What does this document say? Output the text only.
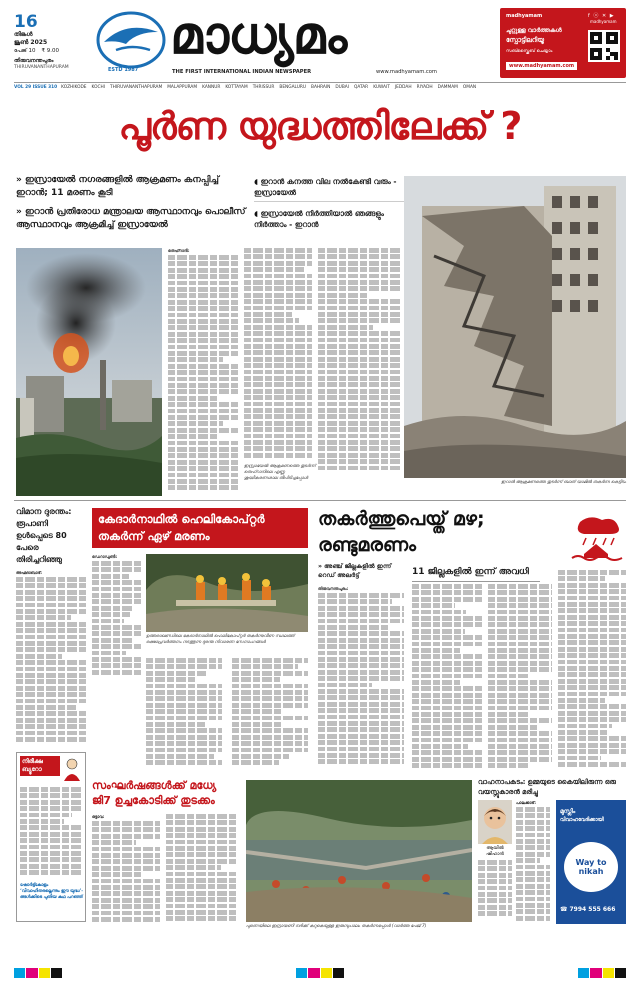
16
തിങ്കൾ
ജൂൺ 2025
പേജ് 10 ₹ 9.00
തിരുവനന്തപുരം
THIRUVANANTHAPURAM	ESTD 1987
മാധ്യമം
THE FIRST INTERNATIONAL INDIAN NEWSPAPER	www.madhyamam.com
madhyamam
ചുറ്റുള്ള വാർത്തകൾ
സ്പോട്ടിലറിയൂ
സബ്സ്ക്രൈബ് ചെയ്യാം
www.madhyamam.com
f ⓞ ✕ ▶
madhyamam
VOL 29 ISSUE 310 KOZHIKODE KOCHI THIRUVANANTHAPURAM MALAPPURAM KANNUR KOTTAYAM THRISSUR BENGALURU BAHRAIN DUBAI QATAR KUWAIT JEDDAH RIYADH DAMMAM OMAN
പൂർണ യുദ്ധത്തിലേക്ക് ?
» ഇസ്രായേൽ നഗരങ്ങളിൽ ആക്രമണം കനപ്പിച്ച് ഇറാൻ; 11 മരണം കൂടി
» ഇറാൻ പ്രതിരോധ മന്ത്രാലയ ആസ്ഥാനവും പൊലീസ് ആസ്ഥാനവും ആക്രമിച്ച് ഇസ്രായേൽ
◖ ഇറാൻ കനത്ത വില നൽകേണ്ടി വരും - ഇസ്രായേൽ
◖ ഇസ്രായേൽ നിർത്തിയാൽ ഞങ്ങളും നിർത്താം - ഇറാൻ
തെഹ്റാൻ:
ഇസ്രായേൽ ആക്രമണത്തെ തുടർന്ന് തെഹ്റാനിലെ എണ്ണ ശുദ്ധീകരണശാല തീപിടിച്ചപ്പോൾ
ഇറാൻ ആക്രമണത്തെ തുടർന്ന് ബാത് യാമിൽ തകർന്ന കെട്ടിടം
വിമാന ദുരന്തം: രൂപാണി ഉൾപ്പെടെ 80 പേരെ തിരിച്ചറിഞ്ഞു
അഹ്മദാബാദ്:
നിരീക്ഷ ബ്യൂറോ
ഷോർട്ട്കോളം ‘വിവാഹിതരല്ലെന്നും ഈ യുദ്ധ’-ങ്ങൾക്കിടെ പുതിയ കഥ പറഞ്ഞ്
കേദാർനാഥിൽ ഹെലികോപ്റ്റർ തകർന്ന് ഏഴ് മരണം
ഡെറാഡൂൺ:
ഉത്തരാഖണ്ഡിലെ കേദാർനാഥിൽ ഹെലികോപ്റ്റർ തകർന്നുവീണ സ്ഥലത്ത് രക്ഷാപ്രവർത്തനം നടത്തുന്ന ദുരന്ത നിവാരണ സേനാംഗങ്ങൾ
സംഘർഷങ്ങൾക്ക് മധ്യേ ജി7 ഉച്ചകോടിക്ക് തുടക്കം
ഒട്ടാവ:
പുണെയിലെ ഇന്ദ്രായണി നദിക്ക് കുറുകെയുള്ള ഇരുമ്പുപാലം തകർന്നപ്പോൾ (വാർത്ത പേജ് 7)
തകർത്തുപെയ്ത് മഴ; രണ്ടുമരണം
» അഞ്ച് ജില്ലകളിൽ ഇന്ന് റെഡ് അലർട്ട്
തിരുവനന്തപുരം:
11 ജില്ലകളിൽ ഇന്ന് അവധി
വാഹനാപകടം: ഉമ്മയുടെ കൈയിലിരുന്ന ഒരു വയസ്സുകാരൻ മരിച്ചു
ആയിൽ
ഷിഹാൻ
പാലക്കാട്:
മുസ്ലിം
വിവാഹവേദിക്കായി
Way to nikah
☎ 7994 555 666
